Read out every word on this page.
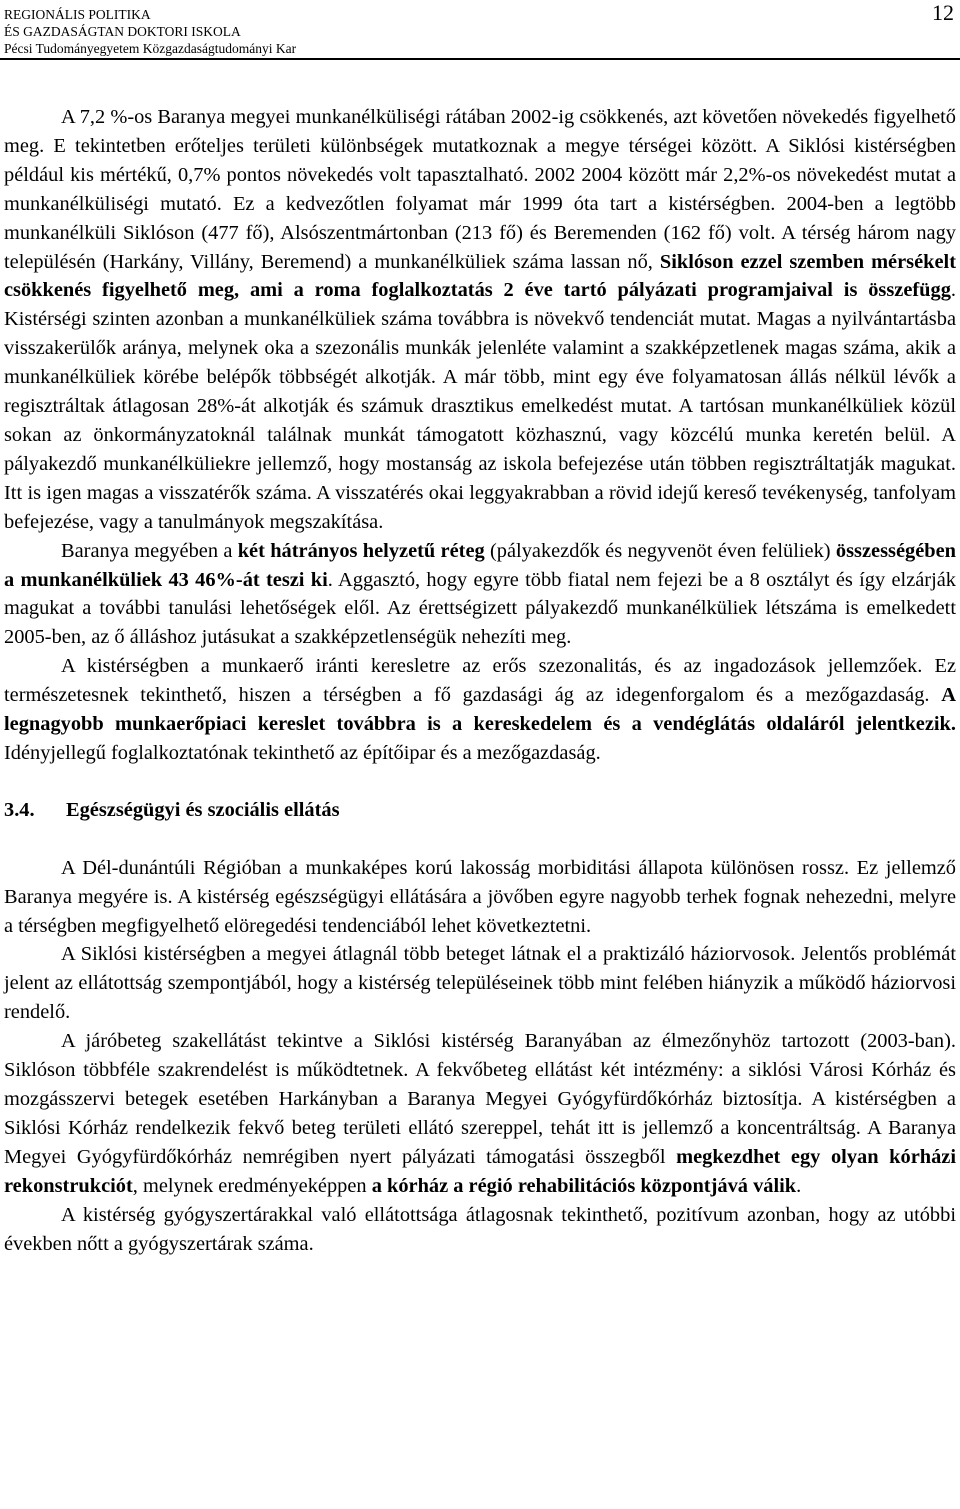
REGIONÁLIS POLITIKA
ÉS GAZDASÁGTAN DOKTORI ISKOLA
Pécsi Tudományegyetem Közgazdaságtudományi Kar
12

A 7,2 %-os Baranya megyei munkanélküliségi rátában 2002-ig csökkenés, azt követően növekedés figyelhető meg. E tekintetben erőteljes területi különbségek mutatkoznak a megye térségei között. A Siklósi kistérségben például kis mértékű, 0,7% pontos növekedés volt tapasztalható. 2002 2004 között már 2,2%-os növekedést mutat a munkanélküliségi mutató. Ez a kedvezőtlen folyamat már 1999 óta tart a kistérségben. 2004-ben a legtöbb munkanélküli Siklóson (477 fő), Alsószentmártonban (213 fő) és Beremenden (162 fő) volt. A térség három nagy településén (Harkány, Villány, Beremend) a munkanélküliek száma lassan nő, Siklóson ezzel szemben mérsékelt csökkenés figyelhető meg, ami a roma foglalkoztatás 2 éve tartó pályázati programjaival is összefügg. Kistérségi szinten azonban a munkanélküliek száma továbbra is növekvő tendenciát mutat. Magas a nyilvántartásba visszakerülők aránya, melynek oka a szezonális munkák jelenléte valamint a szakképzetlenek magas száma, akik a munkanélküliek körébe belépők többségét alkotják. A már több, mint egy éve folyamatosan állás nélkül lévők a regisztráltak átlagosan 28%-át alkotják és számuk drasztikus emelkedést mutat. A tartósan munkanélküliek közül sokan az önkormányzatoknál találnak munkát támogatott közhasznú, vagy közcélú munka keretén belül. A pályakezdő munkanélküliekre jellemző, hogy mostanság az iskola befejezése után többen regisztráltatják magukat. Itt is igen magas a visszatérők száma. A visszatérés okai leggyakrabban a rövid idejű kereső tevékenység, tanfolyam befejezése, vagy a tanulmányok megszakítása.

Baranya megyében a két hátrányos helyzetű réteg (pályakezdők és negyvenöt éven felüliek) összességében a munkanélküliek 43 46%-át teszi ki. Aggasztó, hogy egyre több fiatal nem fejezi be a 8 osztályt és így elzárják magukat a további tanulási lehetőségek elől. Az érettségizett pályakezdő munkanélküliek létszáma is emelkedett 2005-ben, az ő álláshoz jutásukat a szakképzetlenségük nehezíti meg.

A kistérségben a munkaerő iránti keresletre az erős szezonalitás, és az ingadozások jellemzőek. Ez természetesnek tekinthető, hiszen a térségben a fő gazdasági ág az idegenforgalom és a mezőgazdaság. A legnagyobb munkaerőpiaci kereslet továbbra is a kereskedelem és a vendéglátás oldaláról jelentkezik. Idényjellegű foglalkoztatónak tekinthető az építőipar és a mezőgazdaság.

3.4. Egészségügyi és szociális ellátás

A Dél-dunántúli Régióban a munkaképes korú lakosság morbiditási állapota különösen rossz. Ez jellemző Baranya megyére is. A kistérség egészségügyi ellátására a jövőben egyre nagyobb terhek fognak nehezedni, melyre a térségben megfigyelhető elöregedési tendenciából lehet következtetni.

A Siklósi kistérségben a megyei átlagnál több beteget látnak el a praktizáló háziorvosok. Jelentős problémát jelent az ellátottság szempontjából, hogy a kistérség településeinek több mint felében hiányzik a működő háziorvosi rendelő.

A járóbeteg szakellátást tekintve a Siklósi kistérség Baranyában az élmezőnyhöz tartozott (2003-ban). Siklóson többféle szakrendelést is működtetnek. A fekvőbeteg ellátást két intézmény: a siklósi Városi Kórház és mozgásszervi betegek esetében Harkányban a Baranya Megyei Gyógyfürdőkórház biztosítja. A kistérségben a Siklósi Kórház rendelkezik fekvő beteg területi ellátó szereppel, tehát itt is jellemző a koncentráltság. A Baranya Megyei Gyógyfürdőkórház nemrégiben nyert pályázati támogatási összegből megkezdhet egy olyan kórházi rekonstrukciót, melynek eredményeképpen a kórház a régió rehabilitációs központjává válik.

A kistérség gyógyszertárakkal való ellátottsága átlagosnak tekinthető, pozitívum azonban, hogy az utóbbi években nőtt a gyógyszertárak száma.
